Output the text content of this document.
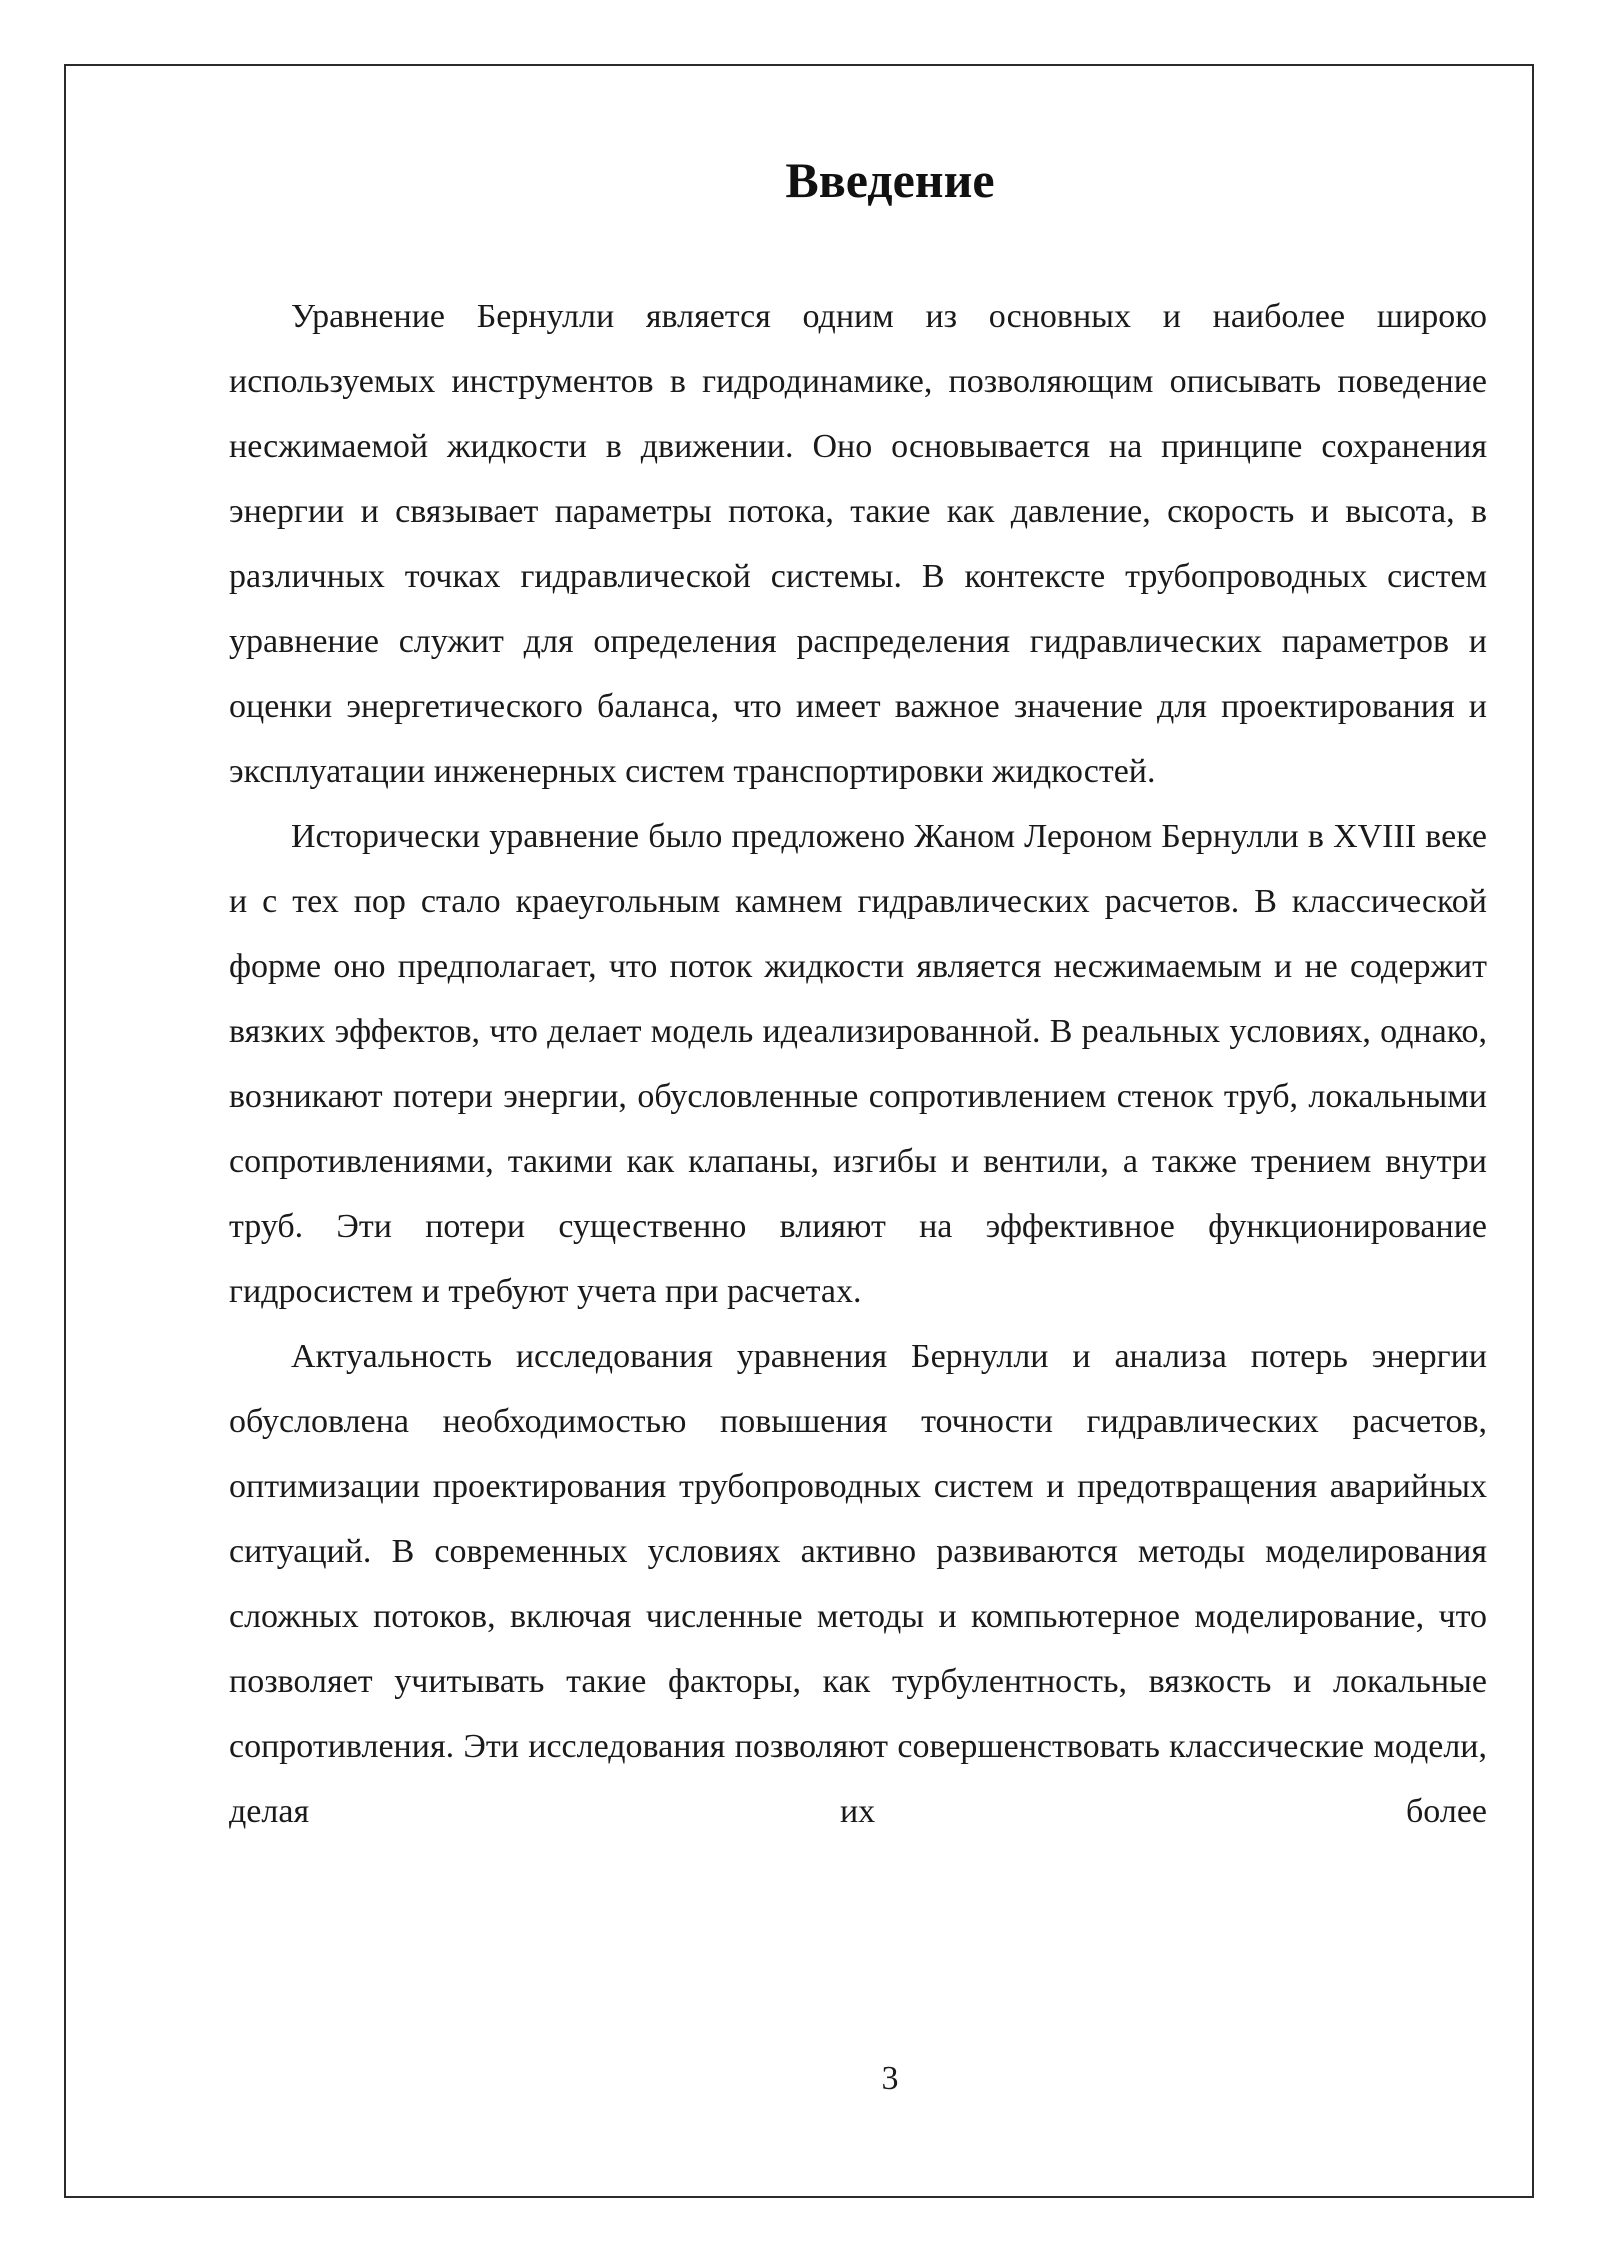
Введение

Уравнение Бернулли является одним из основных и наиболее широко используемых инструментов в гидродинамике, позволяющим описывать поведение несжимаемой жидкости в движении. Оно основывается на принципе сохранения энергии и связывает параметры потока, такие как давление, скорость и высота, в различных точках гидравлической системы. В контексте трубопроводных систем уравнение служит для определения распределения гидравлических параметров и оценки энергетического баланса, что имеет важное значение для проектирования и эксплуатации инженерных систем транспортировки жидкостей.

Исторически уравнение было предложено Жаном Лероном Бернулли в XVIII веке и с тех пор стало краеугольным камнем гидравлических расчетов. В классической форме оно предполагает, что поток жидкости является несжимаемым и не содержит вязких эффектов, что делает модель идеализированной. В реальных условиях, однако, возникают потери энергии, обусловленные сопротивлением стенок труб, локальными сопротивлениями, такими как клапаны, изгибы и вентили, а также трением внутри труб. Эти потери существенно влияют на эффективное функционирование гидросистем и требуют учета при расчетах.

Актуальность исследования уравнения Бернулли и анализа потерь энергии обусловлена необходимостью повышения точности гидравлических расчетов, оптимизации проектирования трубопроводных систем и предотвращения аварийных ситуаций. В современных условиях активно развиваются методы моделирования сложных потоков, включая численные методы и компьютерное моделирование, что позволяет учитывать такие факторы, как турбулентность, вязкость и локальные сопротивления. Эти исследования позволяют совершенствовать классические модели, делая их более

3
